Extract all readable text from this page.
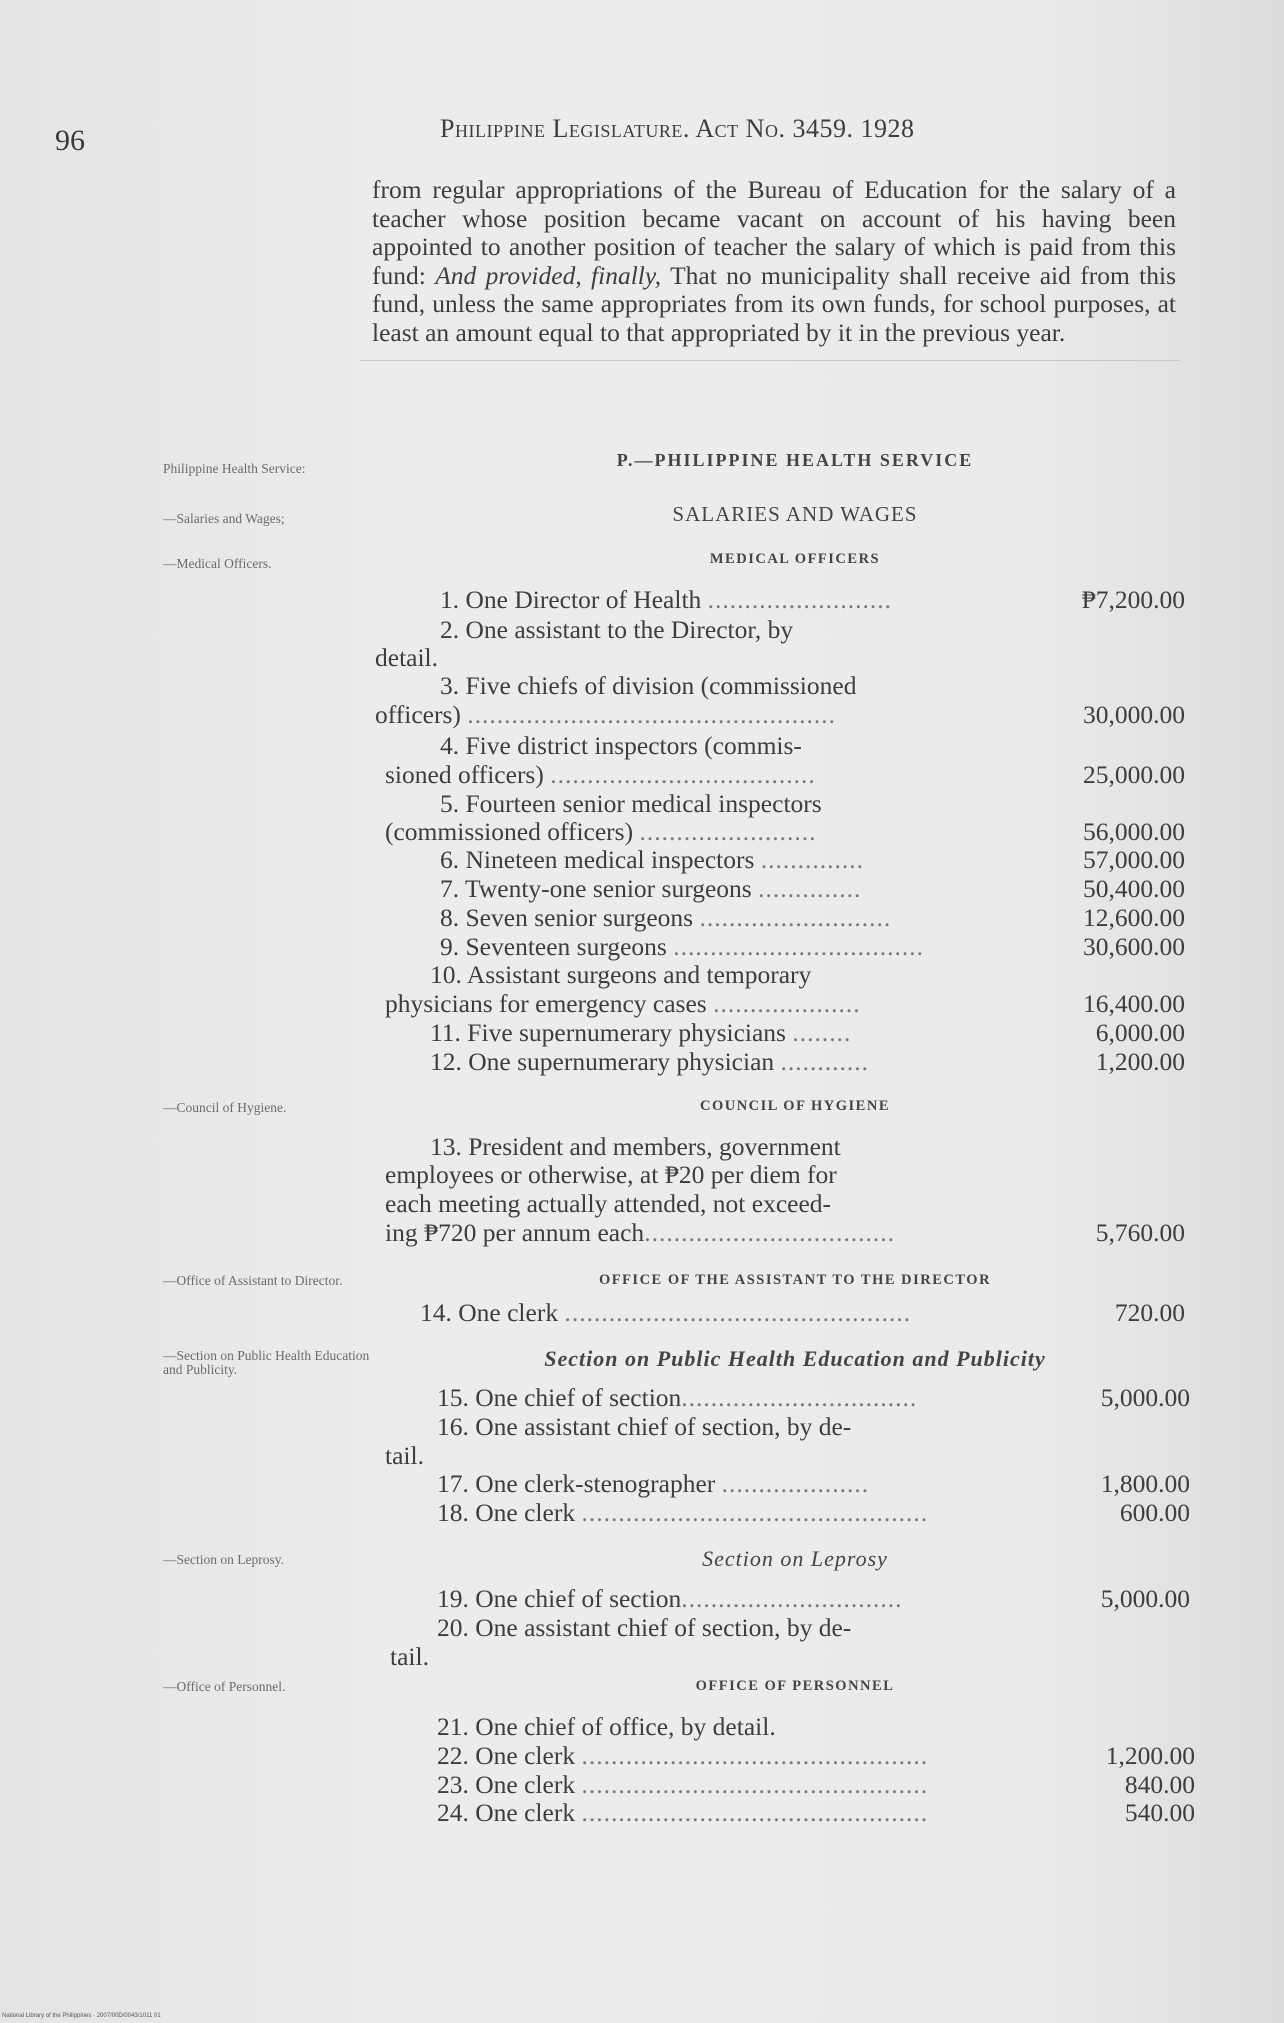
96	Philippine Legislature. Act No. 3459. 1928
from regular appropriations of the Bureau of Education for the salary of a teacher whose position became vacant on account of his having been appointed to another position of teacher the salary of which is paid from this fund: And provided, finally, That no municipality shall receive aid from this fund, unless the same appropriates from its own funds, for school purposes, at least an amount equal to that appropriated by it in the previous year.
Philippine Health Service:
—Salaries and Wages;
—Medical Officers.
—Council of Hygiene.
—Office of Assistant to Director.
—Section on Public Health Education and Publicity.
—Section on Leprosy.
—Office of Personnel.
P.—PHILIPPINE HEALTH SERVICE
SALARIES AND WAGES
MEDICAL OFFICERS
COUNCIL OF HYGIENE
OFFICE OF THE ASSISTANT TO THE DIRECTOR
Section on Public Health Education and Publicity
Section on Leprosy
OFFICE OF PERSONNEL
1. One Director of Health .........................	₱7,200.00
2. One assistant to the Director, by
detail.
3. Five chiefs of division (commissioned
officers) ..................................................	30,000.00
4. Five district inspectors (commis-
sioned officers) ....................................	25,000.00
5. Fourteen senior medical inspectors
(commissioned officers) ........................	56,000.00
6. Nineteen medical inspectors ..............	57,000.00
7. Twenty-one senior surgeons ..............	50,400.00
8. Seven senior surgeons ..........................	12,600.00
9. Seventeen surgeons ..................................	30,600.00
10. Assistant surgeons and temporary
physicians for emergency cases ....................	16,400.00
11. Five supernumerary physicians ........	6,000.00
12. One supernumerary physician ............	1,200.00
13. President and members, government
employees or otherwise, at ₱20 per diem for
each meeting actually attended, not exceed-
ing ₱720 per annum each..................................	5,760.00
14. One clerk ...............................................	720.00
15. One chief of section................................	5,000.00
16. One assistant chief of section, by de-
tail.
17. One clerk-stenographer ....................	1,800.00
18. One clerk ...............................................	600.00
19. One chief of section..............................	5,000.00
20. One assistant chief of section, by de-
tail.
21. One chief of office, by detail.
22. One clerk ...............................................	1,200.00
23. One clerk ...............................................	840.00
24. One clerk ...............................................	540.00
National Library of the Philippines · 2007/00D/0043/1011 01
